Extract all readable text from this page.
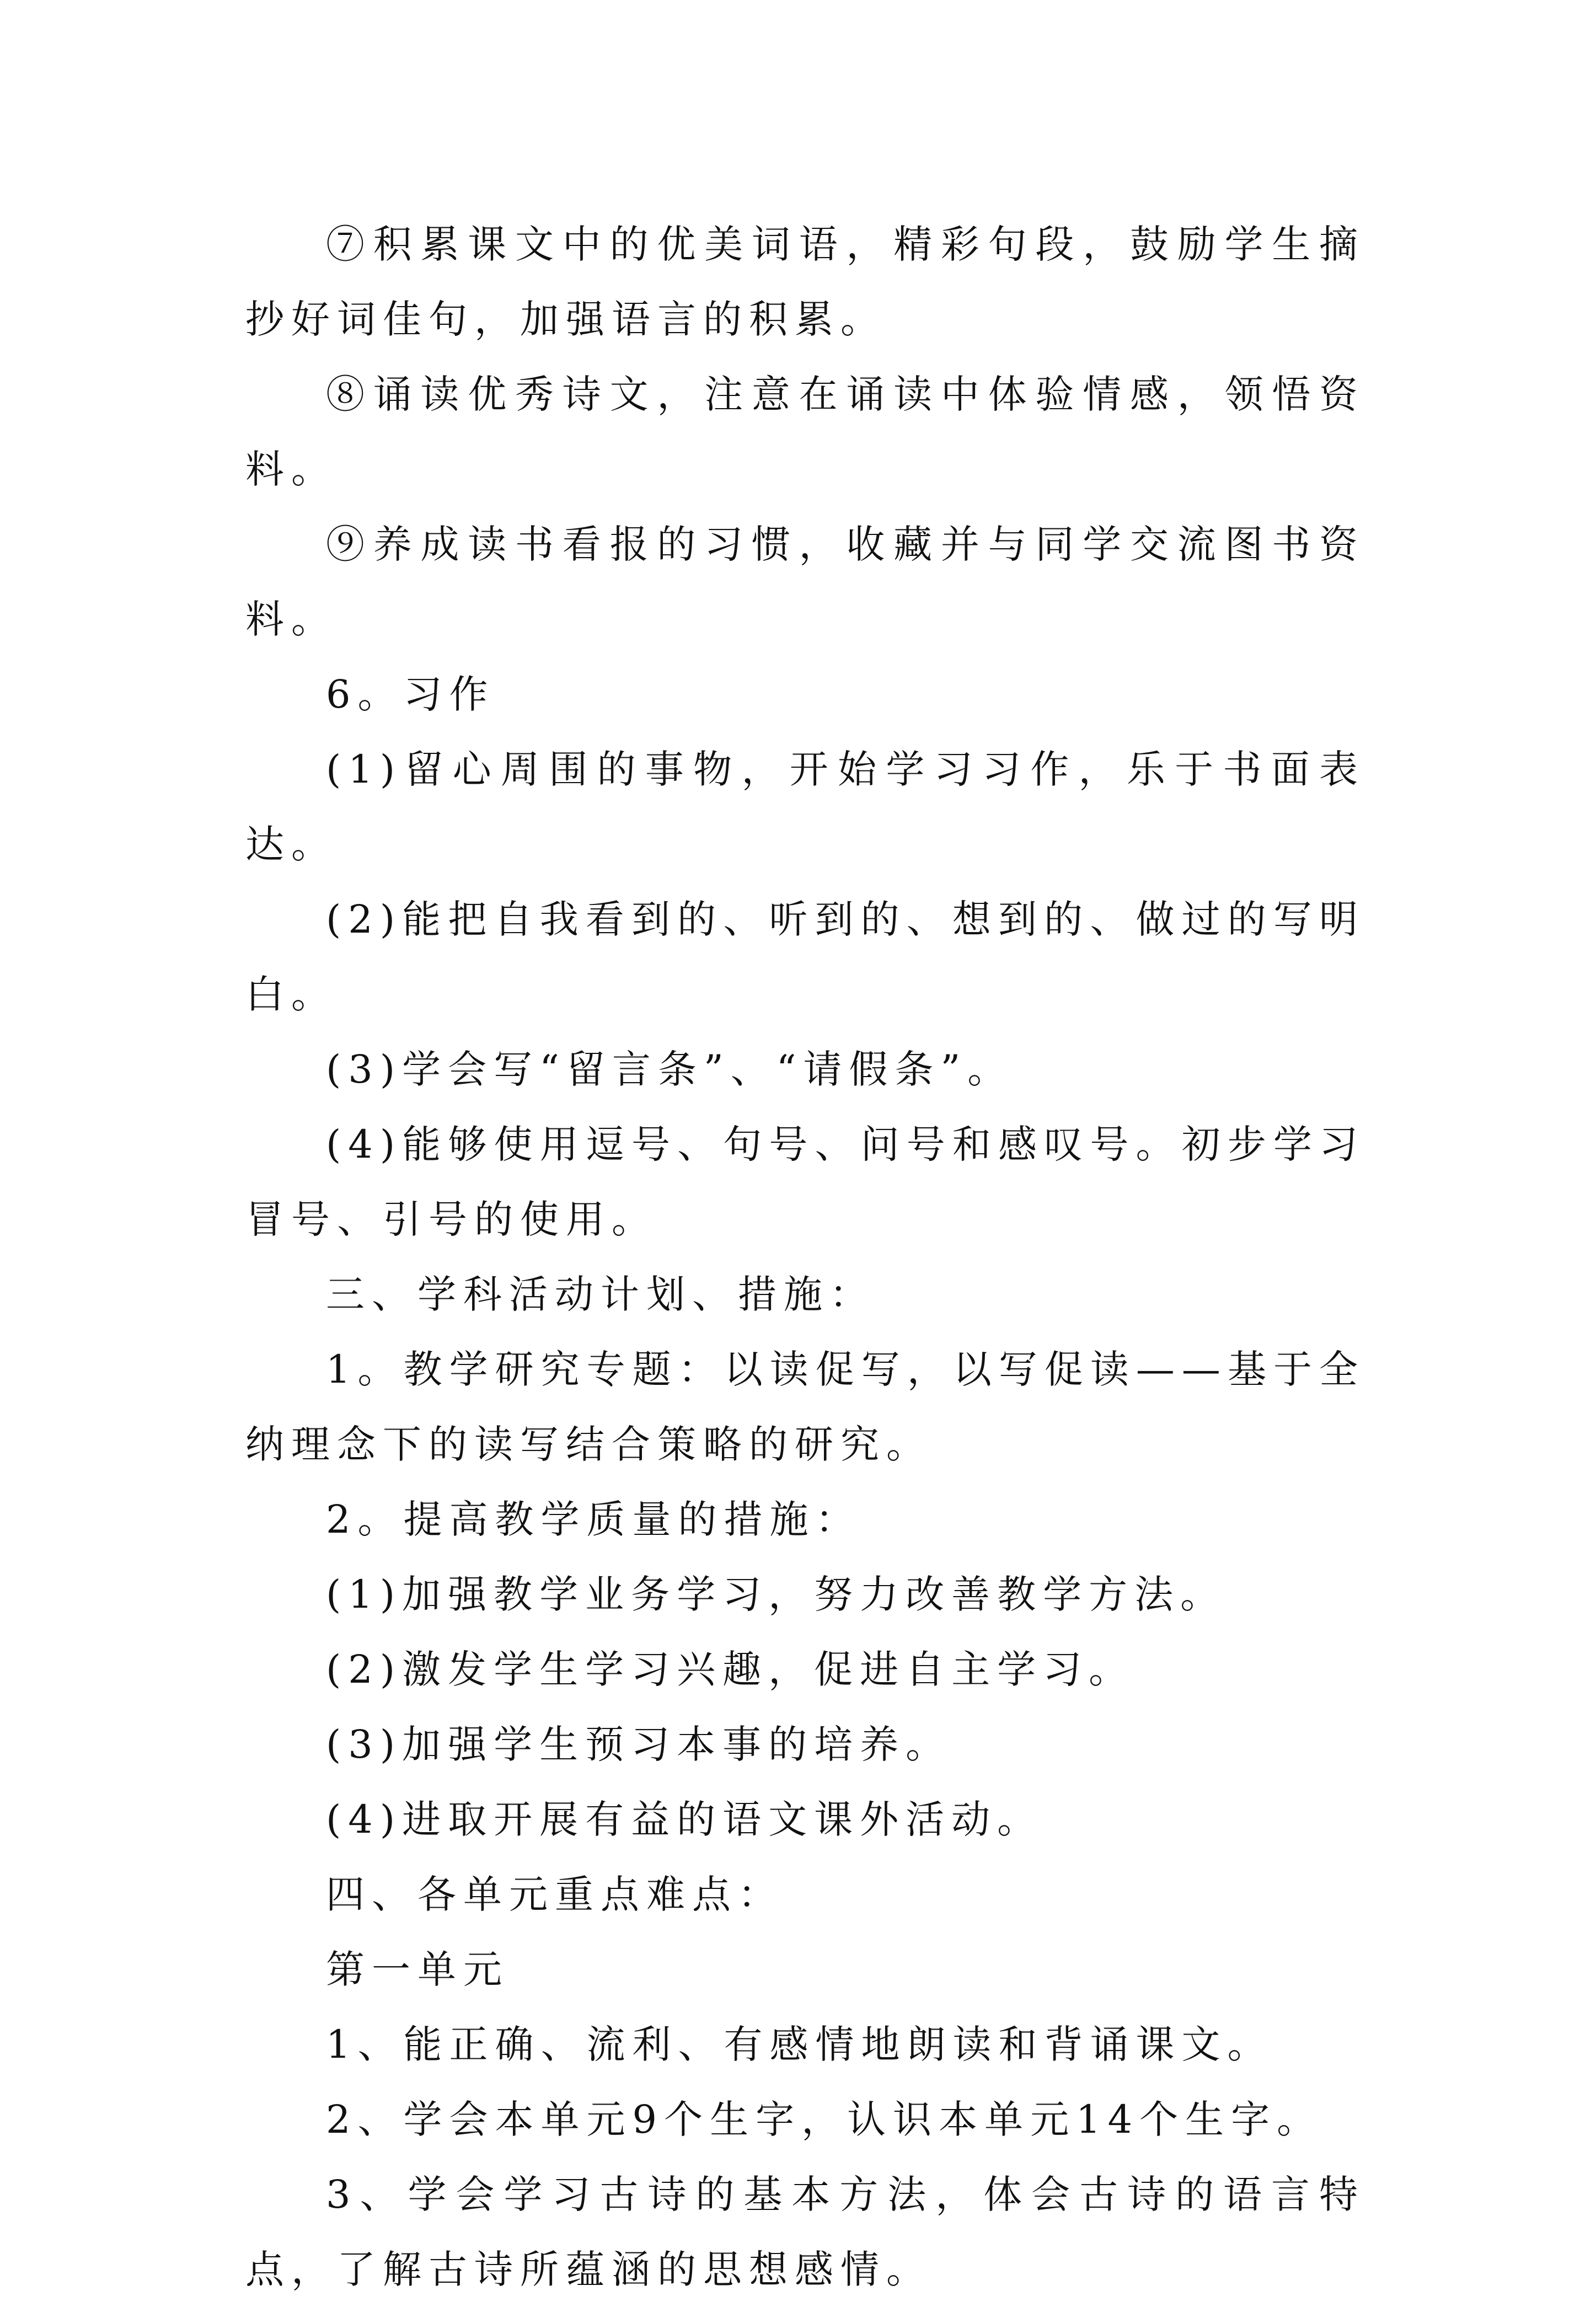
⑦积累课文中的优美词语，精彩句段，鼓励学生摘抄好词佳句，加强语言的积累。

⑧诵读优秀诗文，注意在诵读中体验情感，领悟资料。

⑨养成读书看报的习惯，收藏并与同学交流图书资料。

6。习作

(1)留心周围的事物，开始学习习作，乐于书面表达。

(2)能把自我看到的、听到的、想到的、做过的写明白。

(3)学会写“留言条”、“请假条”。

(4)能够使用逗号、句号、问号和感叹号。初步学习冒号、引号的使用。

三、学科活动计划、措施：

1。教学研究专题：以读促写，以写促读——基于全纳理念下的读写结合策略的研究。

2。提高教学质量的措施：

(1)加强教学业务学习，努力改善教学方法。

(2)激发学生学习兴趣，促进自主学习。

(3)加强学生预习本事的培养。

(4)进取开展有益的语文课外活动。

四、各单元重点难点：

第一单元

1、能正确、流利、有感情地朗读和背诵课文。

2、学会本单元9个生字，认识本单元14个生字。

3、学会学习古诗的基本方法，体会古诗的语言特点，了解古诗所蕴涵的思想感情。
